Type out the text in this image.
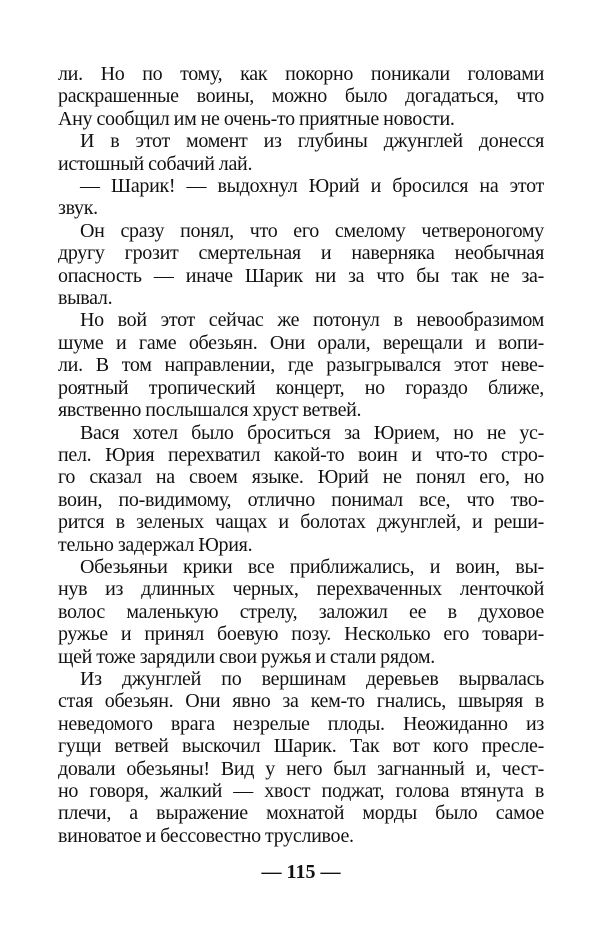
ли. Но по тому, как покорно поникали головами
раскрашенные воины, можно было догадаться, что
Ану сообщил им не очень-то приятные новости.
И в этот момент из глубины джунглей донесся
истошный собачий лай.
— Шарик! — выдохнул Юрий и бросился на этот
звук.
Он сразу понял, что его смелому четвероногому
другу грозит смертельная и наверняка необычная
опасность — иначе Шарик ни за что бы так не за-
вывал.
Но вой этот сейчас же потонул в невообразимом
шуме и гаме обезьян. Они орали, верещали и вопи-
ли. В том направлении, где разыгрывался этот неве-
роятный тропический концерт, но гораздо ближе,
явственно послышался хруст ветвей.
Вася хотел было броситься за Юрием, но не ус-
пел. Юрия перехватил какой-то воин и что-то стро-
го сказал на своем языке. Юрий не понял его, но
воин, по-видимому, отлично понимал все, что тво-
рится в зеленых чащах и болотах джунглей, и реши-
тельно задержал Юрия.
Обезьяньи крики все приближались, и воин, вы-
нув из длинных черных, перехваченных ленточкой
волос маленькую стрелу, заложил ее в духовое
ружье и принял боевую позу. Несколько его товари-
щей тоже зарядили свои ружья и стали рядом.
Из джунглей по вершинам деревьев вырвалась
стая обезьян. Они явно за кем-то гнались, швыряя в
неведомого врага незрелые плоды. Неожиданно из
гущи ветвей выскочил Шарик. Так вот кого пресле-
довали обезьяны! Вид у него был загнанный и, чест-
но говоря, жалкий — хвост поджат, голова втянута в
плечи, а выражение мохнатой морды было самое
виноватое и бессовестно трусливое.
— 115 —
